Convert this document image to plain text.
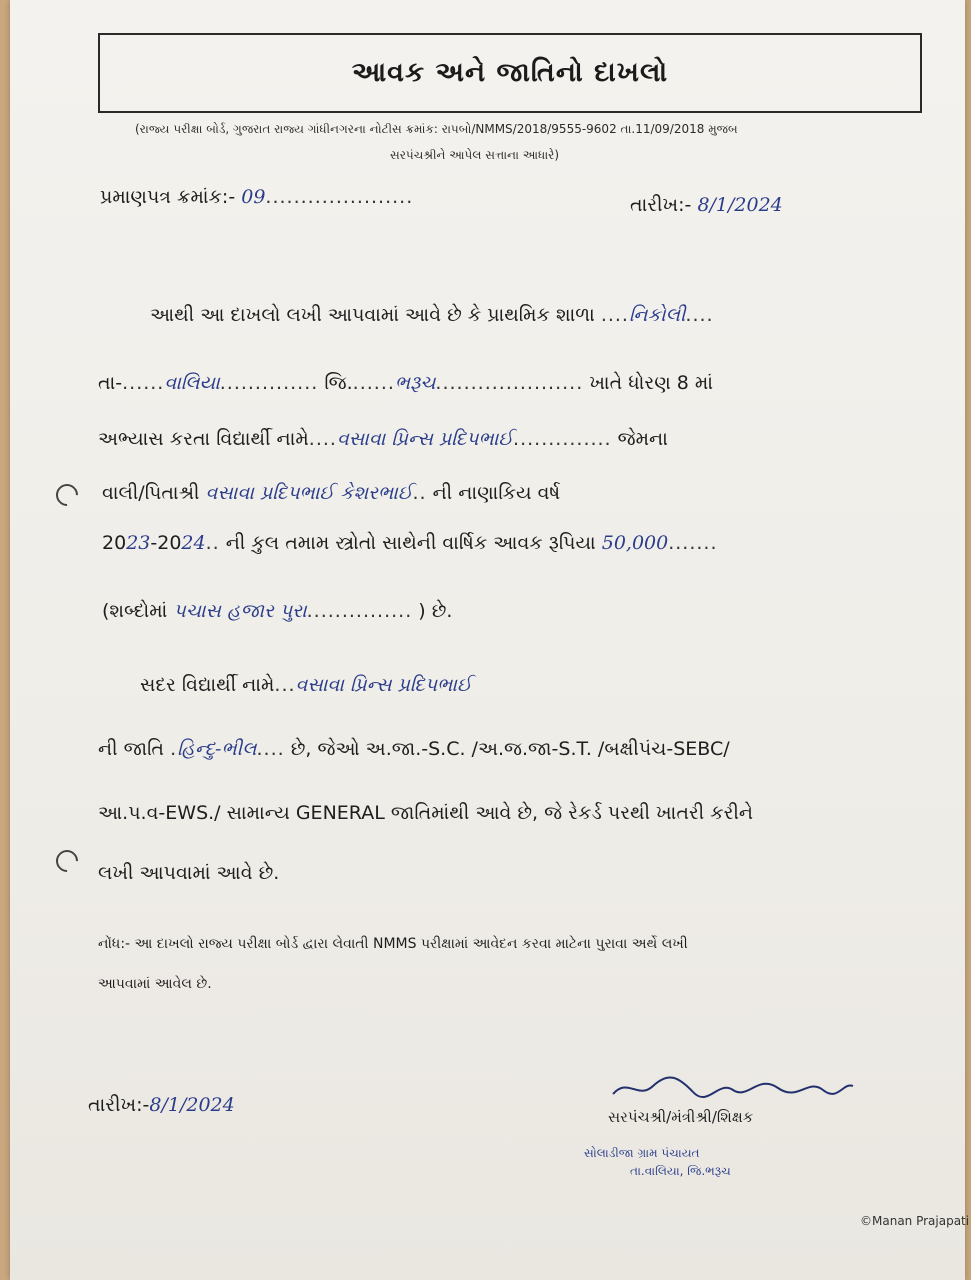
આવક અને જાતિનો દાખલો
(રાજ્ય પરીક્ષા બોર્ડ, ગુજરાત રાજ્ય ગાંધીનગરના નોટીસ ક્રમાંક: રાપબો/NMMS/2018/9555-9602 તા.11/09/2018 મુજબ
સરપંચશ્રીને આપેલ સત્તાના આધારે)
પ્રમાણપત્ર ક્રમાંક:- 09.....................	તારીખ:- 8/1/2024
આથી આ દાખલો લખી આપવામાં આવે છે કે પ્રાથમિક શાળા ....નિકોલી....
તા-......વાલિયા.............. જિ.......ભરૂચ..................... ખાતે ધોરણ 8 માં
અભ્યાસ કરતા વિદ્યાર્થી નામે....વસાવા પ્રિન્સ પ્રદિપભાઈ.............. જેમના
વાલી/પિતાશ્રી વસાવા પ્રદિપભાઈ કેશરભાઈ.. ની નાણાકિય વર્ષ
2023-2024.. ની કુલ તમામ સ્ત્રોતો સાથેની વાર્ષિક આવક રૂપિયા 50,000.......
(શબ્દોમાં પચાસ હજાર પુરા............... ) છે.
સદર વિદ્યાર્થી નામે...વસાવા પ્રિન્સ પ્રદિપભાઈ
ની જાતિ .હિન્દુ-ભીલ.... છે, જેઓ અ.જા.-S.C. /અ.જ.જા-S.T. /બક્ષીપંચ-SEBC/
આ.પ.વ-EWS./ સામાન્ય GENERAL જાતિમાંથી આવે છે, જે રેકર્ડ પરથી ખાતરી કરીને
લખી આપવામાં આવે છે.
નોંધ:- આ દાખલો રાજ્ય પરીક્ષા બોર્ડ દ્વારા લેવાતી NMMS પરીક્ષામાં આવેદન કરવા માટેના પુરાવા અર્થે લખી
આપવામાં આવેલ છે.
તારીખ:-8/1/2024
સરપંચશ્રી/મંત્રીશ્રી/શિક્ષક
સોલાડીજા ગ્રામ પંચાયત
તા.વાલિયા, જિ.ભરૂચ
©Manan Prajapati
